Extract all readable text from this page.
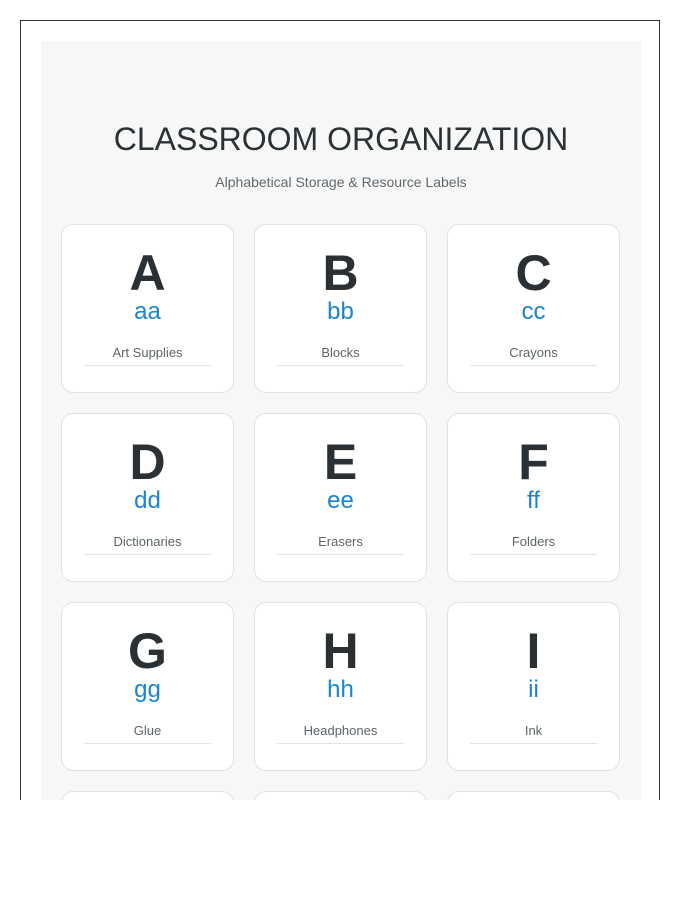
CLASSROOM ORGANIZATION

Alphabetical Storage & Resource Labels

A
aa
Art Supplies
B
bb
Blocks
C
cc
Crayons
D
dd
Dictionaries
E
ee
Erasers
F
ff
Folders
G
gg
Glue
H
hh
Headphones
I
ii
Ink
